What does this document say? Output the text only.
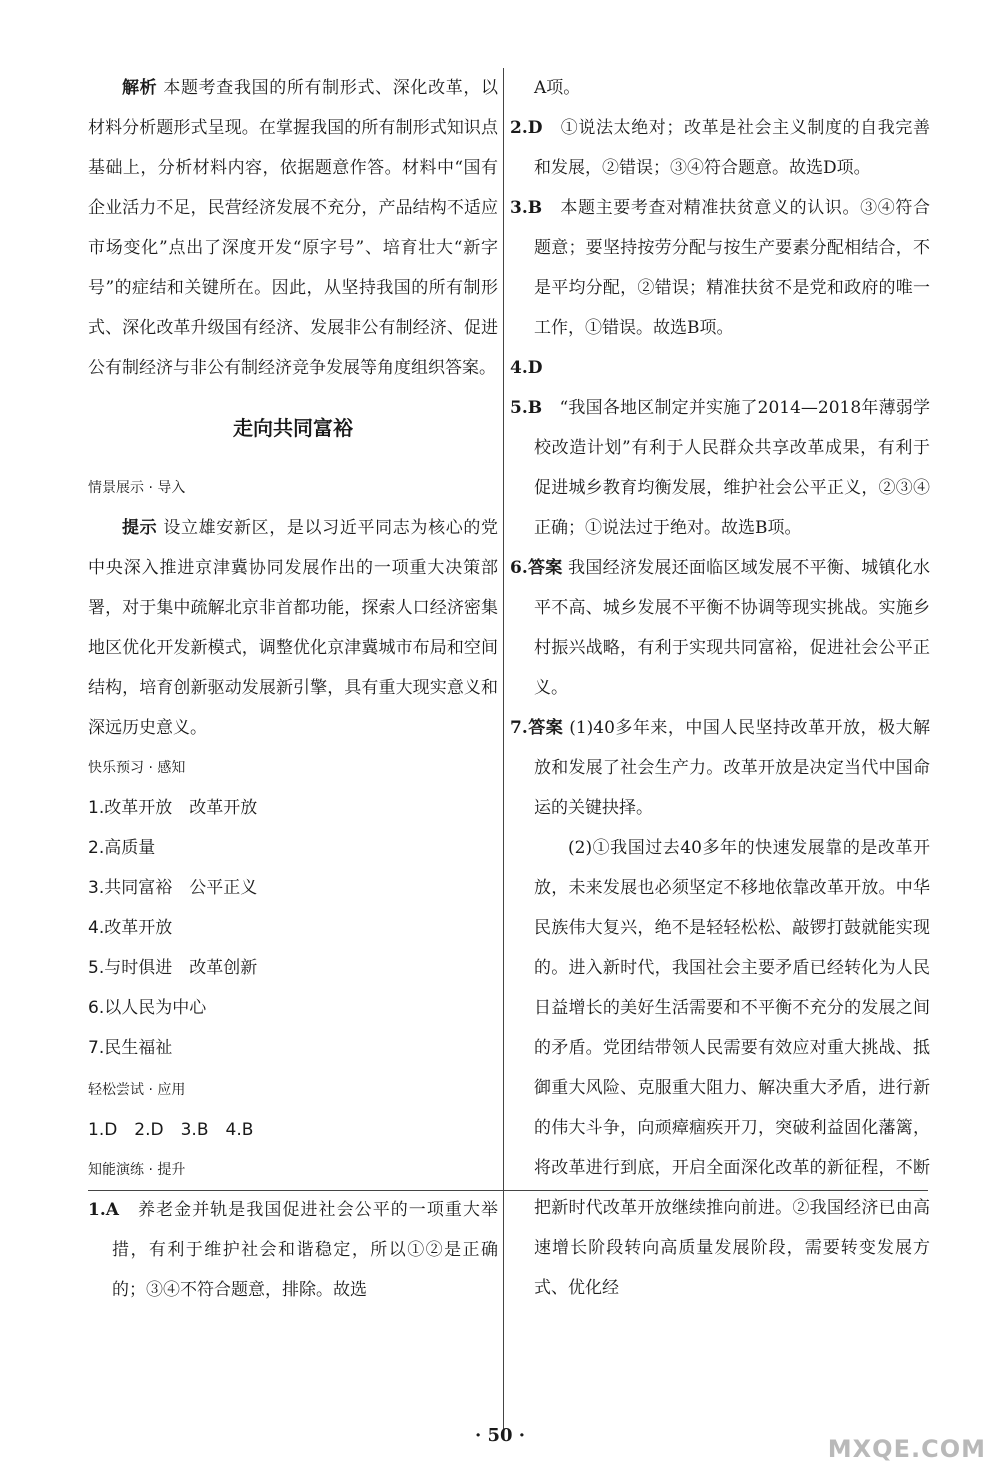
解析 本题考查我国的所有制形式、深化改革，以材料分析题形式呈现。在掌握我国的所有制形式知识点基础上，分析材料内容，依据题意作答。材料中“国有企业活力不足，民营经济发展不充分，产品结构不适应市场变化”点出了深度开发“原字号”、培育壮大“新字号”的症结和关键所在。因此，从坚持我国的所有制形式、深化改革升级国有经济、发展非公有制经济、促进公有制经济与非公有制经济竞争发展等角度组织答案。

走向共同富裕
情景展示 · 导入

提示 设立雄安新区，是以习近平同志为核心的党中央深入推进京津冀协同发展作出的一项重大决策部署，对于集中疏解北京非首都功能，探索人口经济密集地区优化开发新模式，调整优化京津冀城市布局和空间结构，培育创新驱动发展新引擎，具有重大现实意义和深远历史意义。

快乐预习 · 感知
1.改革开放　改革开放
2.高质量
3.共同富裕　公平正义
4.改革开放
5.与时俱进　改革创新
6.以人民为中心
7.民生福祉
轻松尝试 · 应用
1.D　2.D　3.B　4.B
知能演练 · 提升

1.A　 养老金并轨是我国促进社会公平的一项重大举措，有利于维护社会和谐稳定，所以①②是正确的；③④不符合题意，排除。故选

A项。

2.D　 ①说法太绝对；改革是社会主义制度的自我完善和发展，②错误；③④符合题意。故选D项。

3.B　 本题主要考查对精准扶贫意义的认识。③④符合题意；要坚持按劳分配与按生产要素分配相结合，不是平均分配，②错误；精准扶贫不是党和政府的唯一工作，①错误。故选B项。

4.D

5.B　 “我国各地区制定并实施了2014—2018年薄弱学校改造计划”有利于人民群众共享改革成果，有利于促进城乡教育均衡发展，维护社会公平正义，②③④正确；①说法过于绝对。故选B项。

6.答案 我国经济发展还面临区域发展不平衡、城镇化水平不高、城乡发展不平衡不协调等现实挑战。实施乡村振兴战略，有利于实现共同富裕，促进社会公平正义。

7.答案 (1)40多年来，中国人民坚持改革开放，极大解放和发展了社会生产力。改革开放是决定当代中国命运的关键抉择。

(2)①我国过去40多年的快速发展靠的是改革开放，未来发展也必须坚定不移地依靠改革开放。中华民族伟大复兴，绝不是轻轻松松、敲锣打鼓就能实现的。进入新时代，我国社会主要矛盾已经转化为人民日益增长的美好生活需要和不平衡不充分的发展之间的矛盾。党团结带领人民需要有效应对重大挑战、抵御重大风险、克服重大阻力、解决重大矛盾，进行新的伟大斗争，向顽瘴痼疾开刀，突破利益固化藩篱，将改革进行到底，开启全面深化改革的新征程，不断把新时代改革开放继续推向前进。②我国经济已由高速增长阶段转向高质量发展阶段，需要转变发展方式、优化经

· 50 ·	MXQE.COM
